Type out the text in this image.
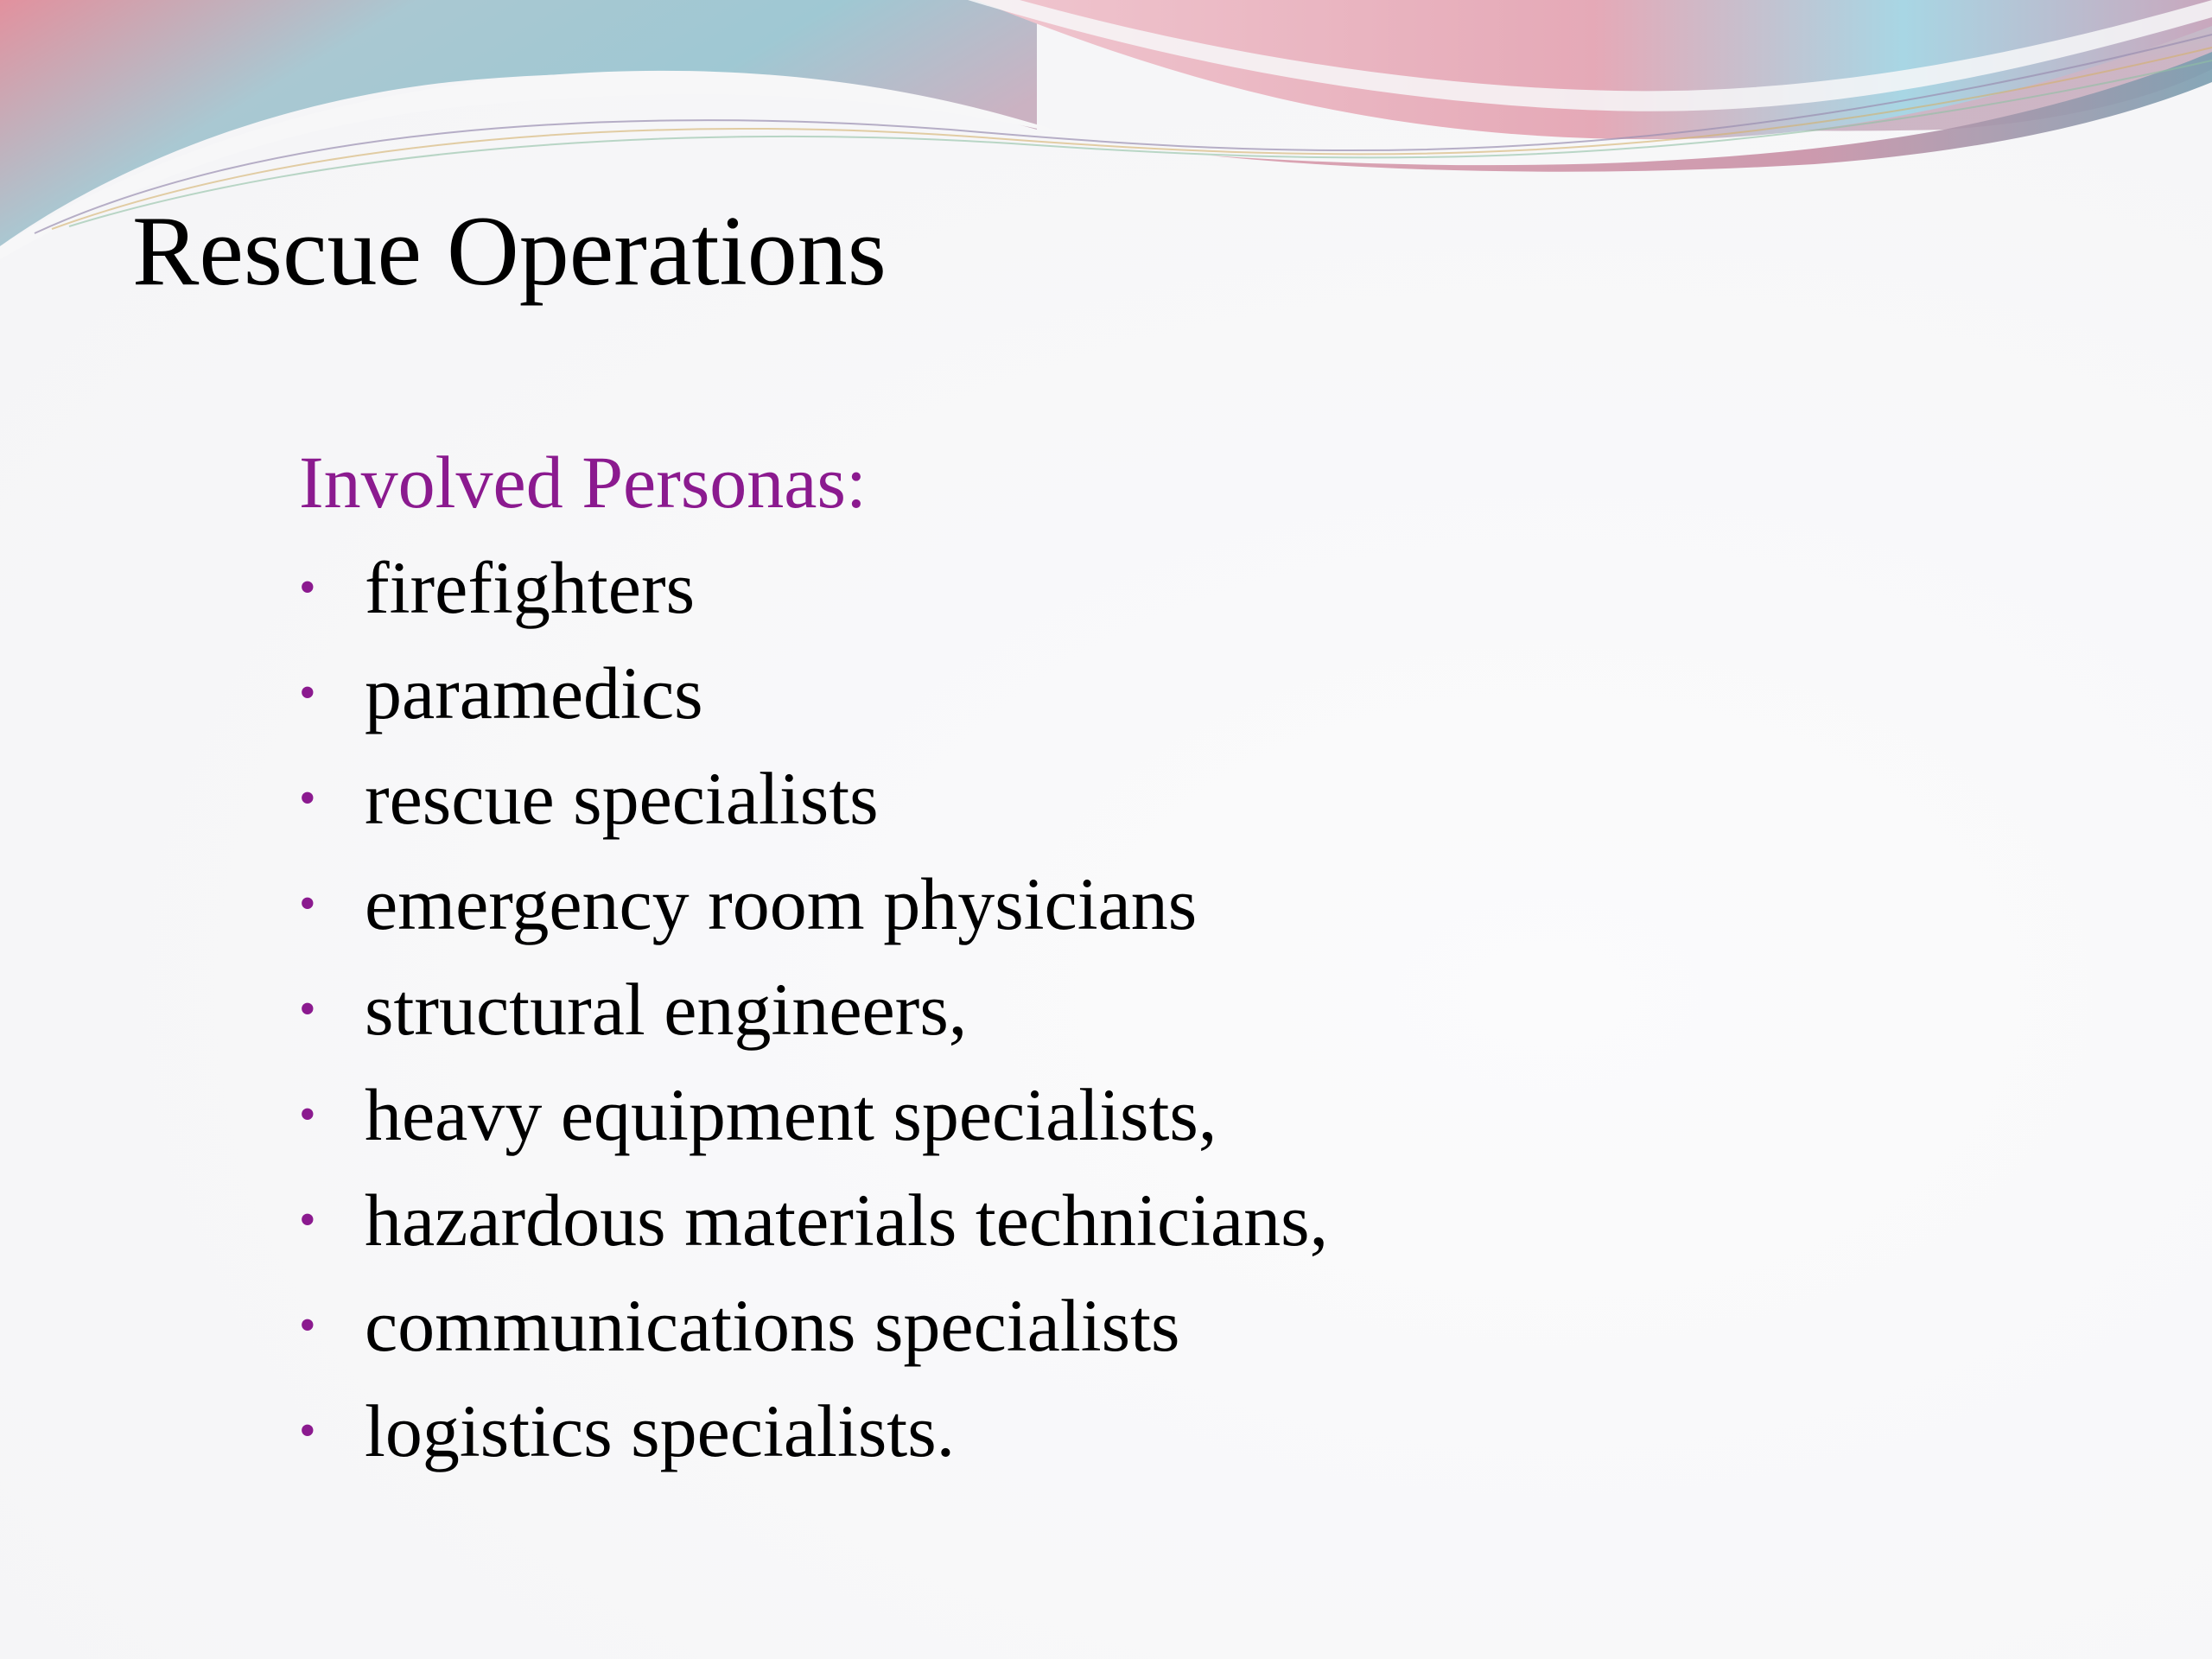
Rescue Operations

Involved Personas:

• firefighters
• paramedics
• rescue specialists
• emergency room physicians
• structural engineers,
• heavy equipment specialists,
• hazardous materials technicians,
• communications specialists
• logistics specialists.
